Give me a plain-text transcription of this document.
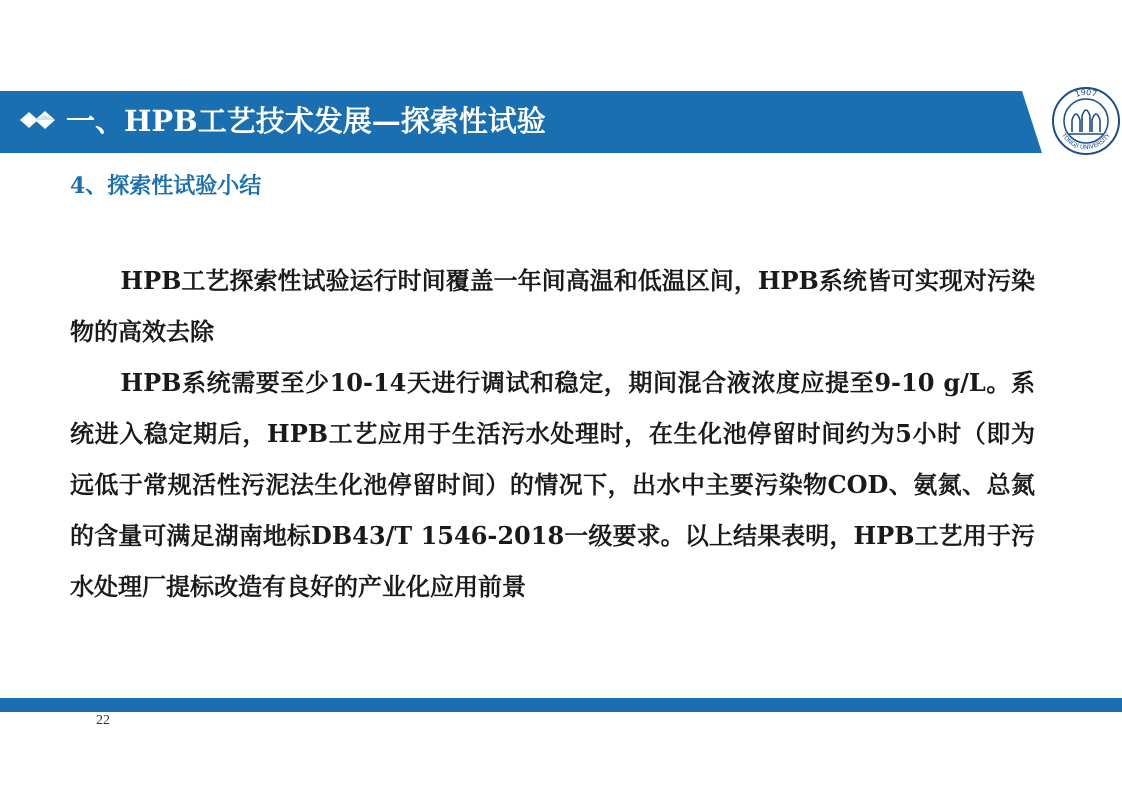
一、HPB工艺技术发展—探索性试验
1907
TONGJI UNIVERSITY
4、探索性试验小结

HPB工艺探索性试验运行时间覆盖一年间高温和低温区间，HPB系统皆可实现对污染物的高效去除

HPB系统需要至少10-14天进行调试和稳定，期间混合液浓度应提至9-10 g/L。系统进入稳定期后，HPB工艺应用于生活污水处理时，在生化池停留时间约为5小时（即为远低于常规活性污泥法生化池停留时间）的情况下，出水中主要污染物COD、氨氮、总氮的含量可满足湖南地标DB43/T 1546-2018一级要求。以上结果表明，HPB工艺用于污水处理厂提标改造有良好的产业化应用前景

22
